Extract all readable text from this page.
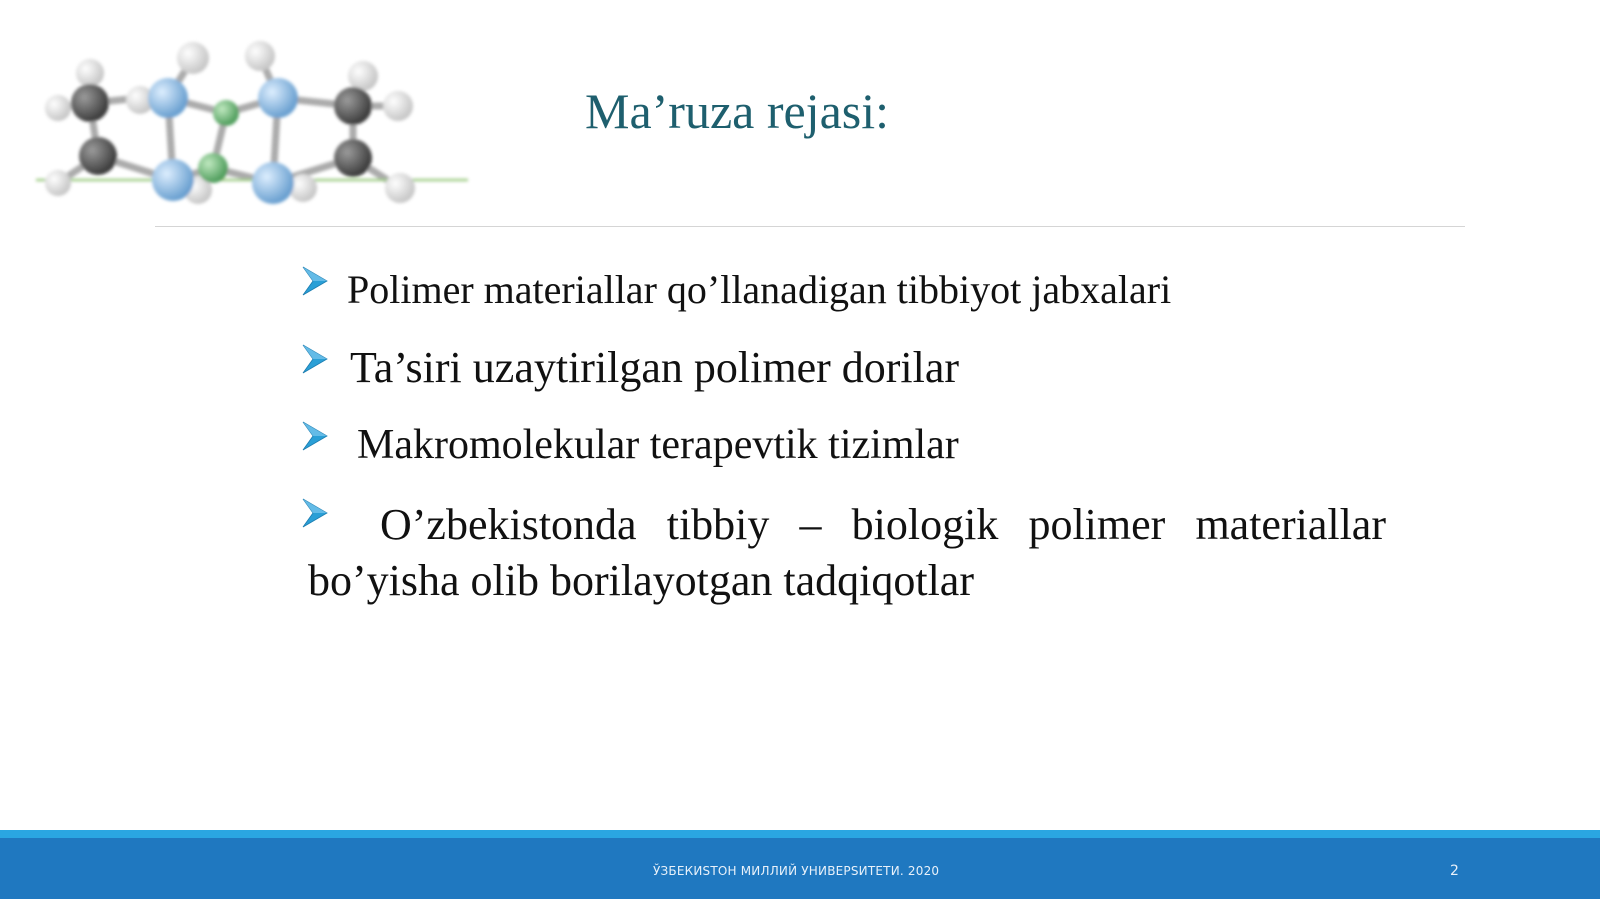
Ma’ruza rejasi:
Polimer materiallar qo’llanadigan tibbiyot jabxalari
Ta’siri uzaytirilgan polimer dorilar
Makromolekular terapevtik tizimlar
O’zbekistonda tibbiy – biologik polimer materiallar bo’yisha olib borilayotgan tadqiqotlar
ЎЗБЕКИSТОН МИЛЛИЙ УНИВЕРSИТЕТИ. 2020	2
